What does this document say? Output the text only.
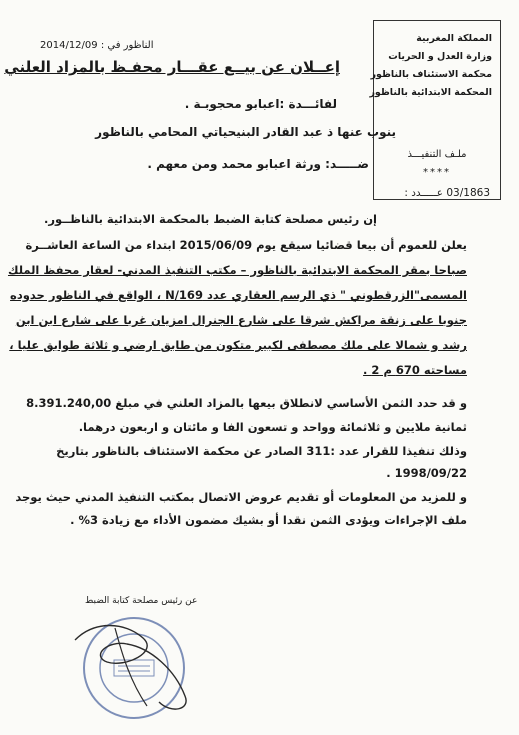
المملكة المغربية
وزارة العدل و الحريات
محكمة الاستئناف بالناظور
المحكمة الابتدائية بالناظور
ملـف التنفيـــذ
****
03/1863 عـــــدد :
الناظور في : 2014/12/09
إعــلان عن بيــع عقـــار محفـظ بالمزاد العلني
لفائـــدة :اعبابو محجوبـة .
ينوب عنها ذ عبد القادر البنيحياتي المحامي بالناظور
ضـــــد: ورثة اعبابو محمد ومن معهم .
إن رئيس مصلحة كتابة الضبط بالمحكمة الابتدائية بالناظــور.
يعلن للعموم أن بيعا قضائيا سيقع يوم 2015/06/09 ابتداء من الساعة العاشــرة
صباحا بمقر المحكمة الابتدائية بالناظور – مكتب التنفيذ المدني- لعقار محفظ الملك
المسمى"الزرقطوني " ذي الرسم العقاري عدد N/169 ، الواقع في الناظور حدوده
جنوبا على زنقة مراكش شرقا على شارع الجنرال امزيان غربا على شارع ابن ابن
رشد و شمالا على ملك مصطفى لكبير متكون من طابق ارضي و ثلاثة طوابق عليا ،
مساحته 670 م 2 .
و قد حدد الثمن الأساسي لانطلاق بيعها بالمزاد العلني في مبلغ 8.391.240,00
ثمانية ملايين و ثلاثمائة وواحد و تسعون الفا و مائتان و اربعون درهما.
وذلك تنفيذا للقرار عدد :311 الصادر عن محكمة الاستئناف بالناظور بتاريخ
1998/09/22 .
و للمزيد من المعلومات أو تقديم عروض الاتصال بمكتب التنفيذ المدني حيث يوجد
ملف الإجراءات ويؤدى الثمن نقدا أو بشيك مضمون الأداء مع زيادة 3% .
عن رئيس مصلحة كتابة الضبط
